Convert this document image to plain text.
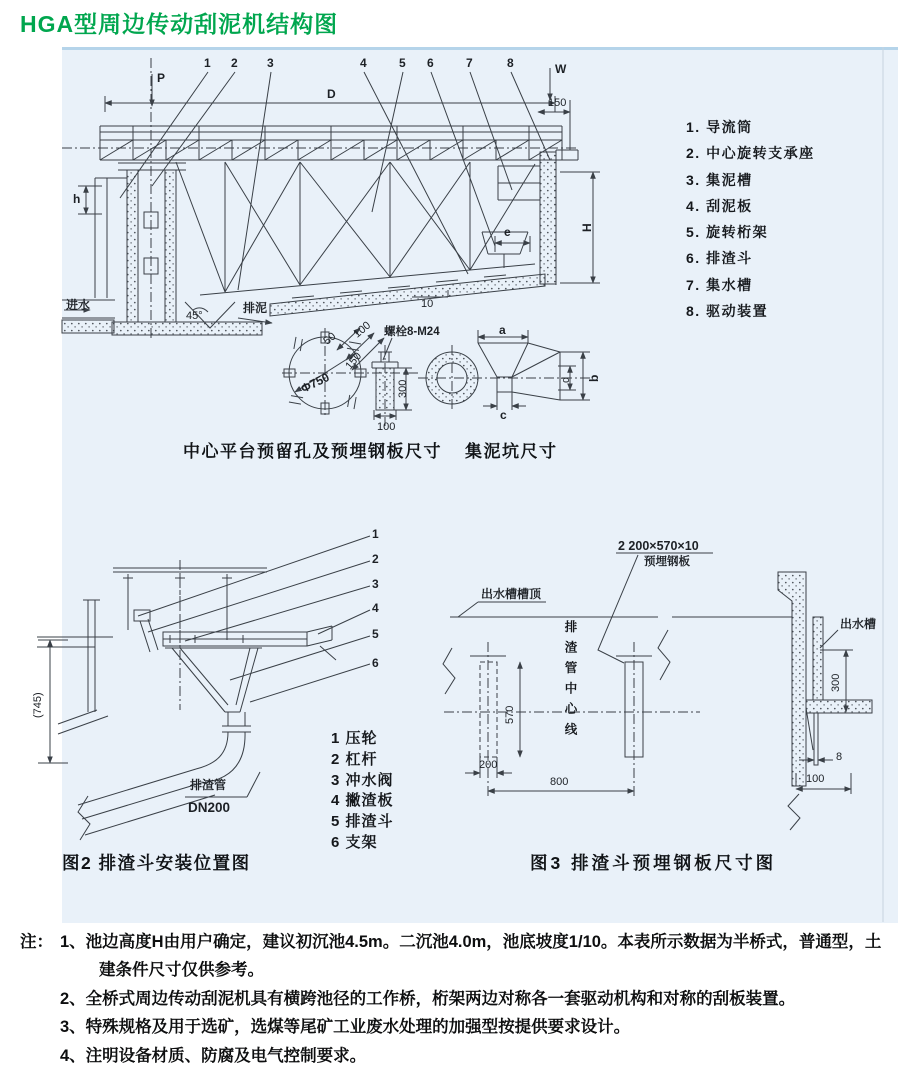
HGA型周边传动刮泥机结构图
P
W
D
150
1 2 3	4	5 6	7	8
h
进水
45°
排泥	10
e	H
1. 导流筒
2. 中心旋转支承座
3. 集泥槽
4. 刮泥板
5. 旋转桁架
6. 排渣斗
7. 集水槽
8. 驱动装置
螺栓8-M24
50 100
150
Φ750	300
100
a
b
d
c
中心平台预留孔及预埋钢板尺寸 集泥坑尺寸
1
2
3
4
5
6
(745)
排渣管
DN200
1 压轮
2 杠杆
3 冲水阀
4 撇渣板
5 排渣斗
6 支架
图2 排渣斗安装位置图
2 200×570×10
预埋钢板
出水槽槽顶
排渣管中心线
570
200
800
出水槽
300
8
100
图3 排渣斗预埋钢板尺寸图
注： 1、池边高度H由用户确定，建议初沉池4.5m。二沉池4.0m，池底坡度1/10。本表所示数据为半桥式，普通型，土建条件尺寸仅供参考。
2、全桥式周边传动刮泥机具有横跨池径的工作桥，桁架两边对称各一套驱动机构和对称的刮板装置。
3、特殊规格及用于选矿，选煤等尾矿工业废水处理的加强型按提供要求设计。
4、注明设备材质、防腐及电气控制要求。
